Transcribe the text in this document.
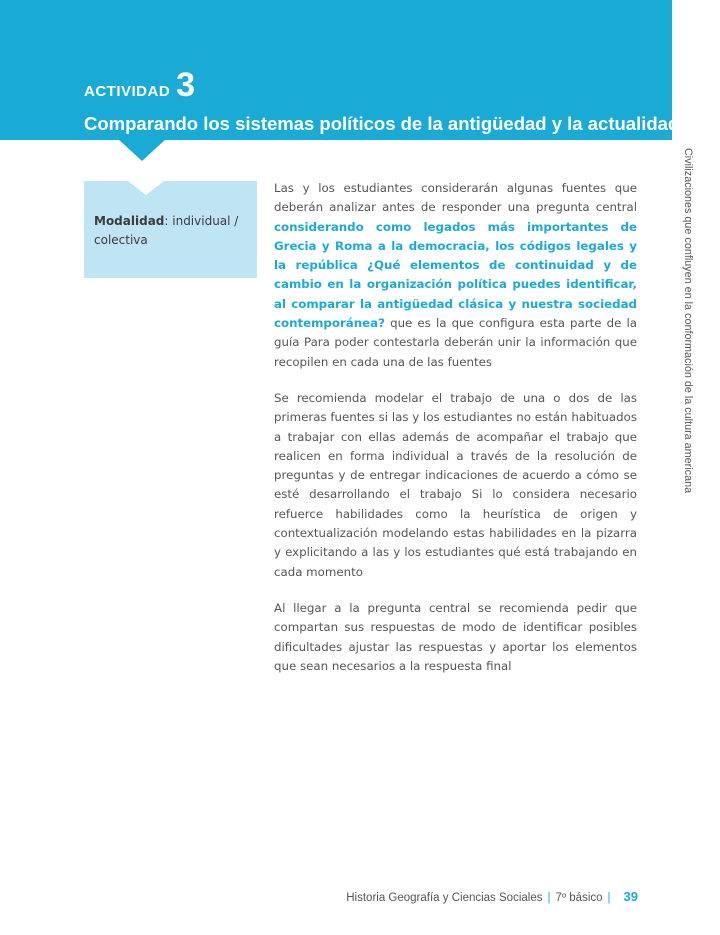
ACTIVIDAD 3
Comparando los sistemas políticos de la antigüedad y la actualidad
Experiencias
de aprendizaje
Civilizaciones que confluyen en la conformación de la cultura americana
Modalidad: individual / colectiva

Las y los estudiantes considerarán algunas fuentes que deberán analizar antes de responder una pregunta central considerando como legados más importantes de Grecia y Roma a la democracia, los códigos legales y la república ¿Qué elementos de continuidad y de cambio en la organización política puedes identificar, al comparar la antigüedad clásica y nuestra sociedad contemporánea? que es la que configura esta parte de la guía Para poder contestarla deberán unir la información que recopilen en cada una de las fuentes

Se recomienda modelar el trabajo de una o dos de las primeras fuentes si las y los estudiantes no están habituados a trabajar con ellas además de acompañar el trabajo que realicen en forma individual a través de la resolución de preguntas y de entregar indicaciones de acuerdo a cómo se esté desarrollando el trabajo Si lo considera necesario refuerce habilidades como la heurística de origen y contextualización modelando estas habilidades en la pizarra y explicitando a las y los estudiantes qué está trabajando en cada momento

Al llegar a la pregunta central se recomienda pedir que compartan sus respuestas de modo de identificar posibles dificultades ajustar las respuestas y aportar los elementos que sean necesarios a la respuesta final

Historia Geografía y Ciencias Sociales | 7º básico | 39
